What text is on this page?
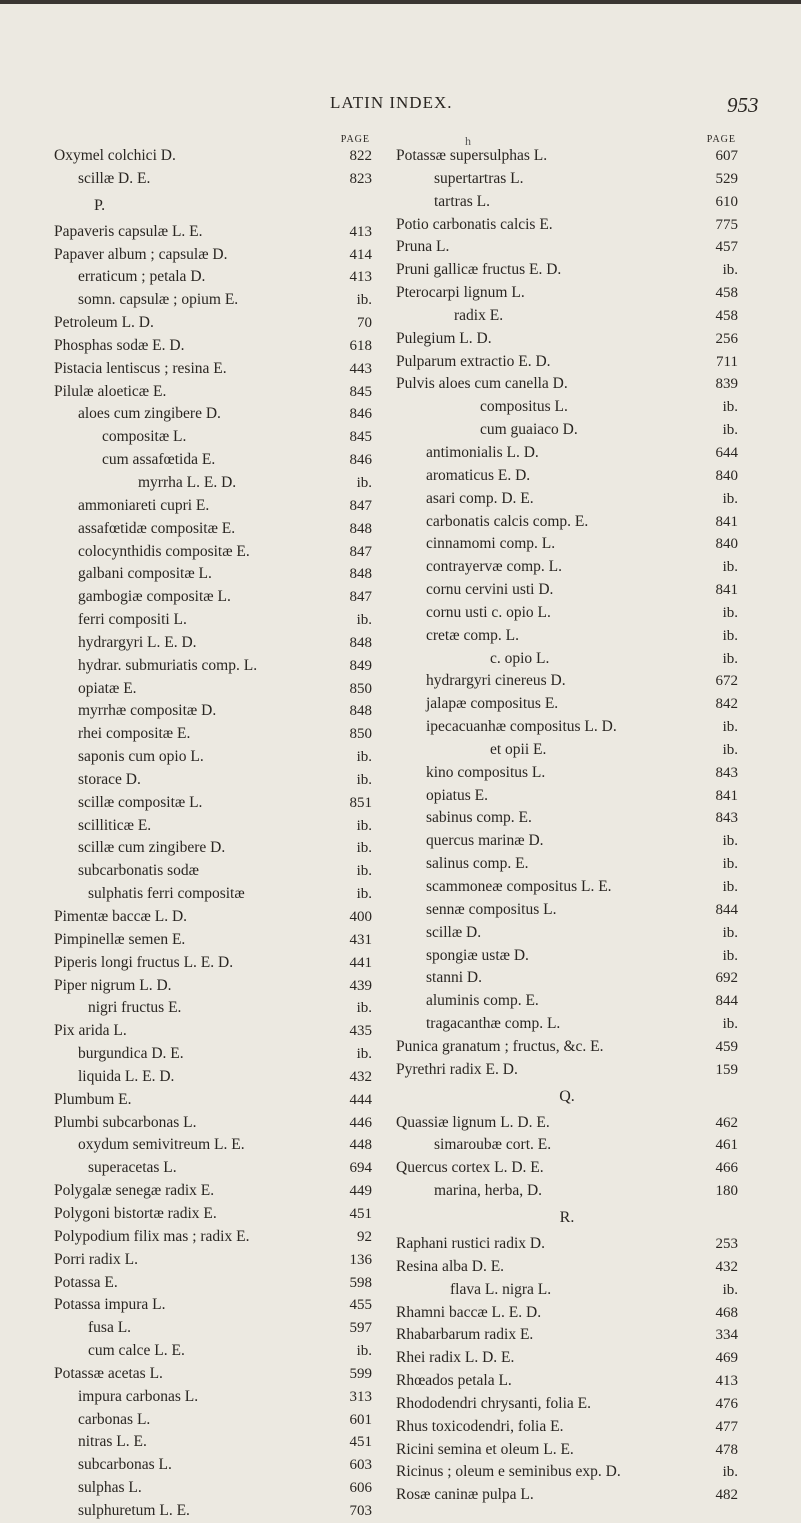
LATIN INDEX.	953
h
PAGE
Oxymel colchici D.	822
scillæ D. E.	823
P.
Papaveris capsulæ L. E.	413
Papaver album ; capsulæ D.	414
erraticum ; petala D.	413
somn. capsulæ ; opium E.	ib.
Petroleum L. D.	70
Phosphas sodæ E. D.	618
Pistacia lentiscus ; resina E.	443
Pilulæ aloeticæ E.	845
aloes cum zingibere D.	846
compositæ L.	845
cum assafœtida E.	846
myrrha L. E. D.	ib.
ammoniareti cupri E.	847
assafœtidæ compositæ E.	848
colocynthidis compositæ E.	847
galbani compositæ L.	848
gambogiæ compositæ L.	847
ferri compositi L.	ib.
hydrargyri L. E. D.	848
hydrar. submuriatis comp. L.	849
opiatæ E.	850
myrrhæ compositæ D.	848
rhei compositæ E.	850
saponis cum opio L.	ib.
storace D.	ib.
scillæ compositæ L.	851
scilliticæ E.	ib.
scillæ cum zingibere D.	ib.
subcarbonatis sodæ	ib.
sulphatis ferri compositæ	ib.
Pimentæ baccæ L. D.	400
Pimpinellæ semen E.	431
Piperis longi fructus L. E. D.	441
Piper nigrum L. D.	439
nigri fructus E.	ib.
Pix arida L.	435
burgundica D. E.	ib.
liquida L. E. D.	432
Plumbum E.	444
Plumbi subcarbonas L.	446
oxydum semivitreum L. E.	448
superacetas L.	694
Polygalæ senegæ radix E.	449
Polygoni bistortæ radix E.	451
Polypodium filix mas ; radix E.	92
Porri radix L.	136
Potassa E.	598
Potassa impura L.	455
fusa L.	597
cum calce L. E.	ib.
Potassæ acetas L.	599
impura carbonas L.	313
carbonas L.	601
nitras L. E.	451
subcarbonas L.	603
sulphas L.	606
sulphuretum L. E.	703
PAGE
Potassæ supersulphas L.	607
supertartras L.	529
tartras L.	610
Potio carbonatis calcis E.	775
Pruna L.	457
Pruni gallicæ fructus E. D.	ib.
Pterocarpi lignum L.	458
radix E.	458
Pulegium L. D.	256
Pulparum extractio E. D.	711
Pulvis aloes cum canella D.	839
compositus L.	ib.
cum guaiaco D.	ib.
antimonialis L. D.	644
aromaticus E. D.	840
asari comp. D. E.	ib.
carbonatis calcis comp. E.	841
cinnamomi comp. L.	840
contrayervæ comp. L.	ib.
cornu cervini usti D.	841
cornu usti c. opio L.	ib.
cretæ comp. L.	ib.
c. opio L.	ib.
hydrargyri cinereus D.	672
jalapæ compositus E.	842
ipecacuanhæ compositus L. D.	ib.
et opii E.	ib.
kino compositus L.	843
opiatus E.	841
sabinus comp. E.	843
quercus marinæ D.	ib.
salinus comp. E.	ib.
scammoneæ compositus L. E.	ib.
sennæ compositus L.	844
scillæ D.	ib.
spongiæ ustæ D.	ib.
stanni D.	692
aluminis comp. E.	844
tragacanthæ comp. L.	ib.
Punica granatum ; fructus, &c. E.	459
Pyrethri radix E. D.	159
Q.
Quassiæ lignum L. D. E.	462
simaroubæ cort. E.	461
Quercus cortex L. D. E.	466
marina, herba, D.	180
R.
Raphani rustici radix D.	253
Resina alba D. E.	432
flava L. nigra L.	ib.
Rhamni baccæ L. E. D.	468
Rhabarbarum radix E.	334
Rhei radix L. D. E.	469
Rhœados petala L.	413
Rhododendri chrysanti, folia E.	476
Rhus toxicodendri, folia E.	477
Ricini semina et oleum L. E.	478
Ricinus ; oleum e seminibus exp. D.	ib.
Rosæ caninæ pulpa L.	482
